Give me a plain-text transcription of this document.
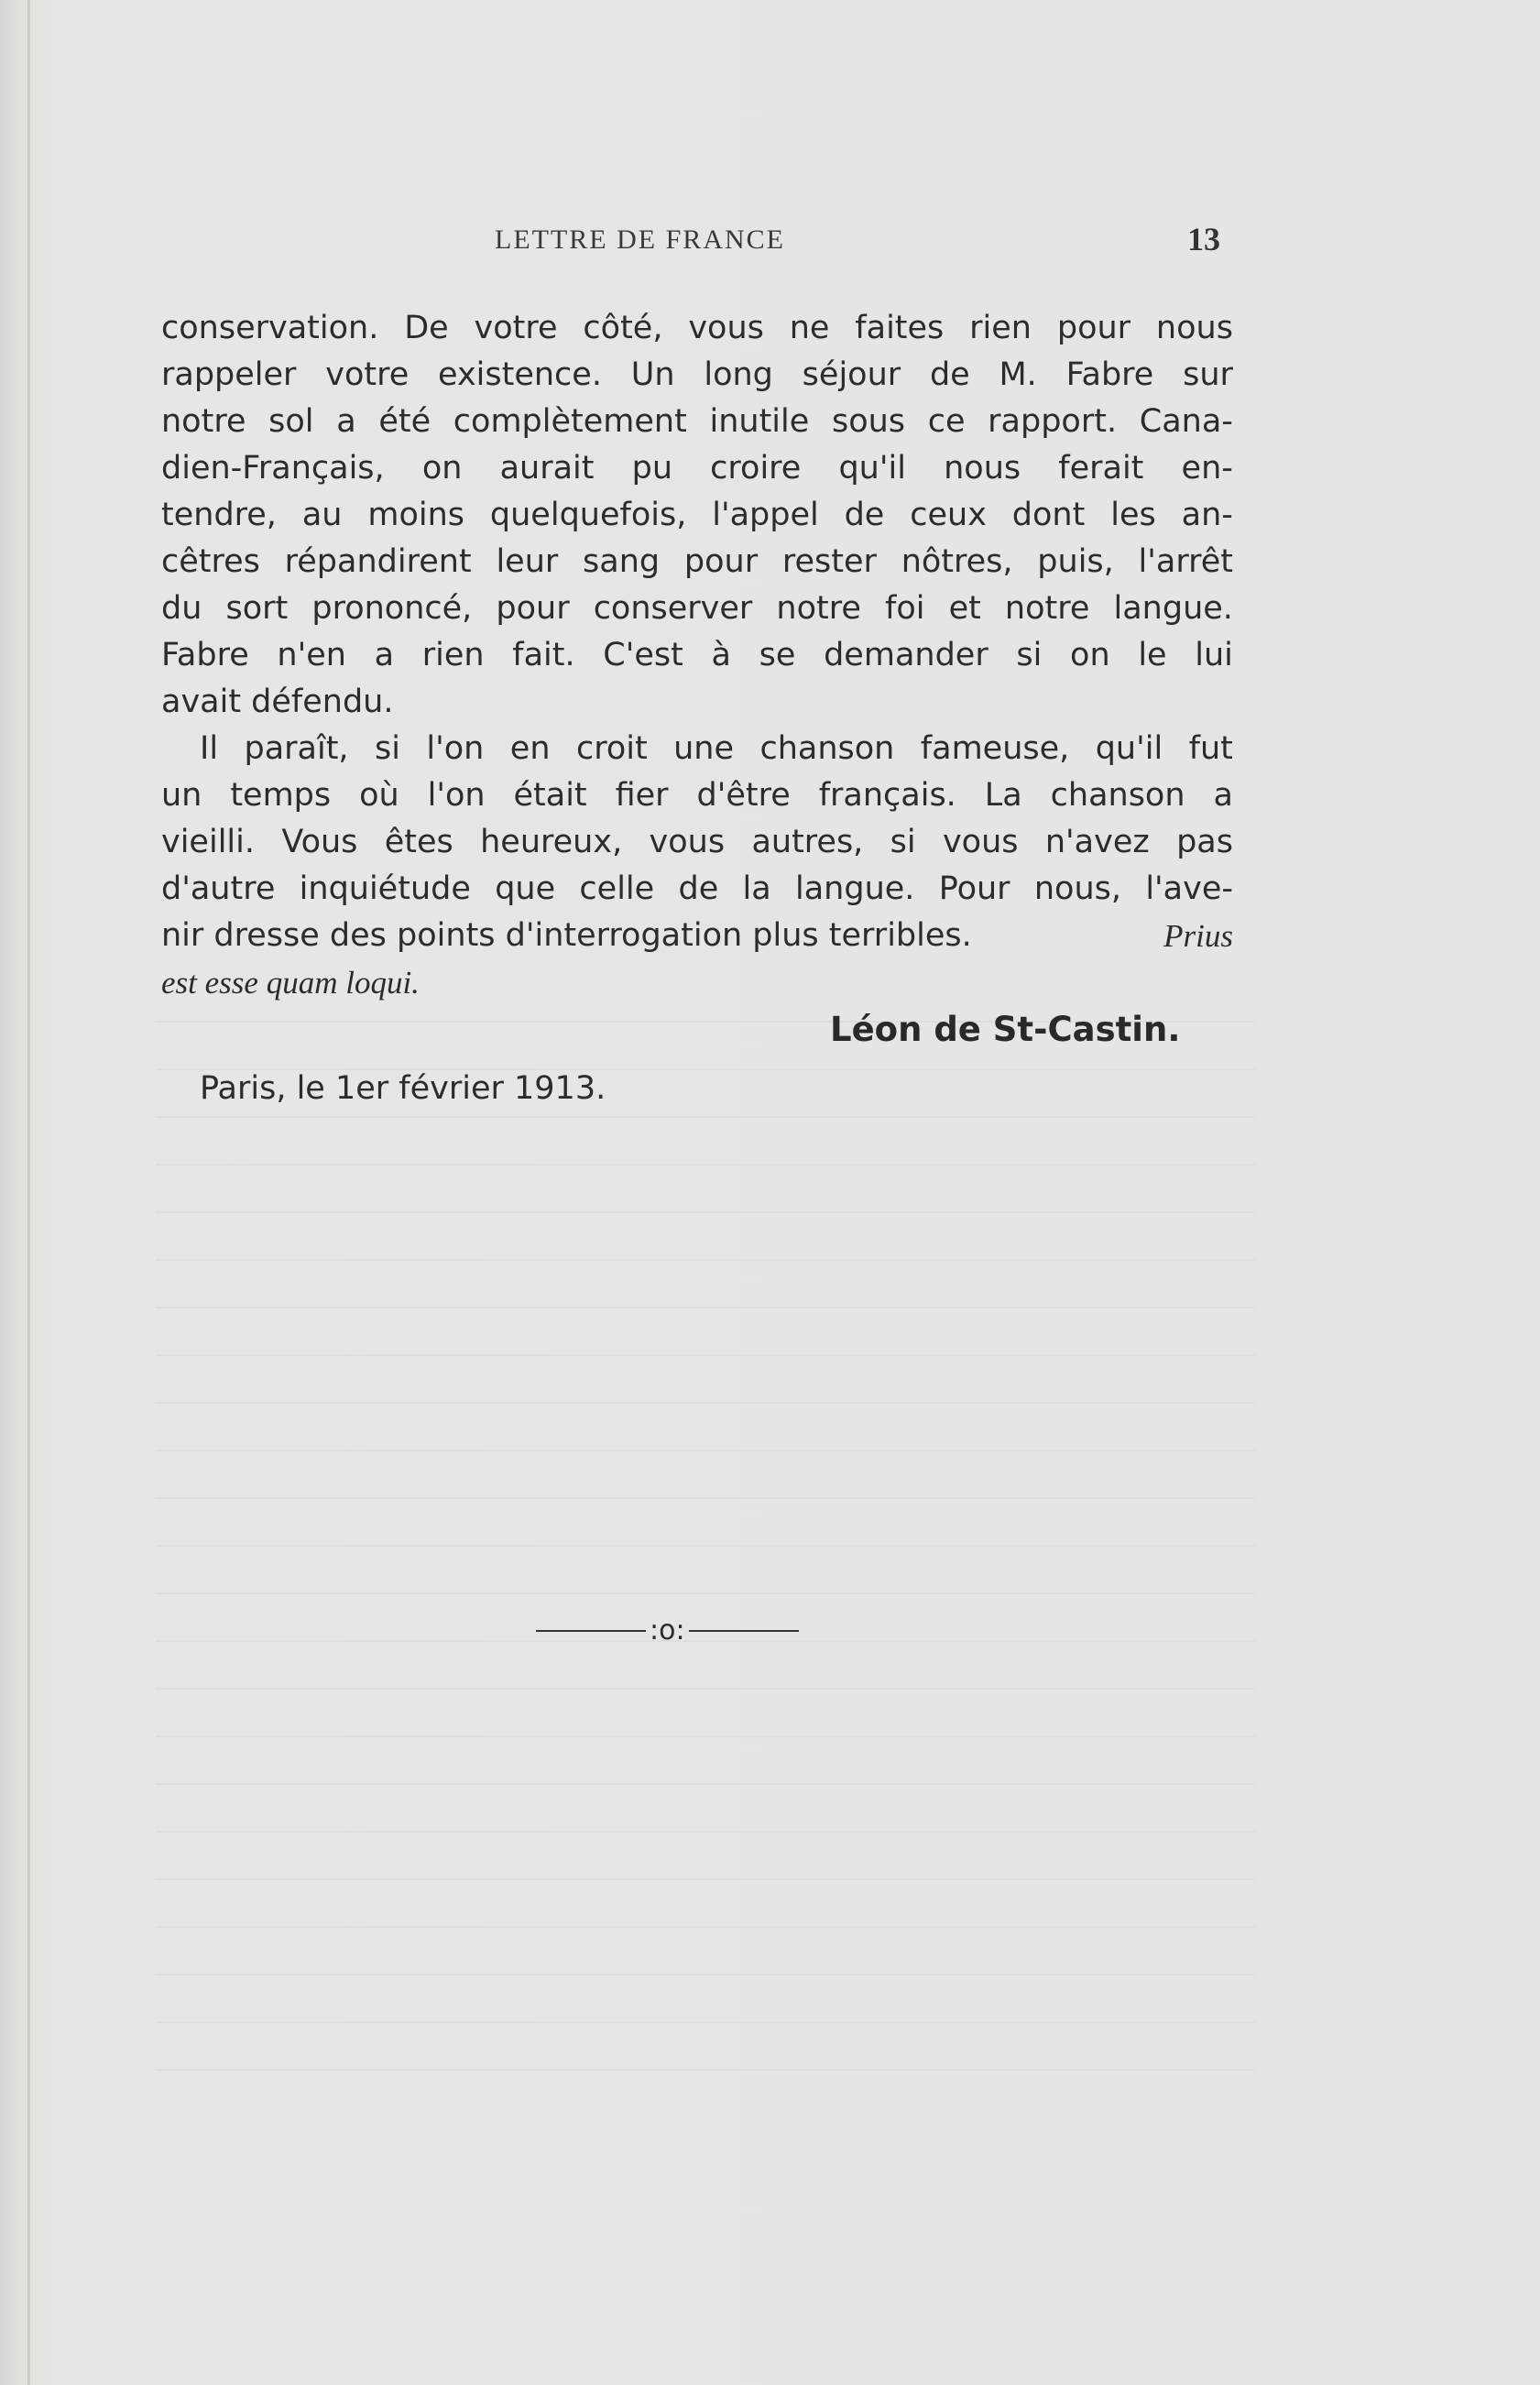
LETTRE DE FRANCE	13
conservation. De votre côté, vous ne faites rien pour nous
rappeler votre existence. Un long séjour de M. Fabre sur
notre sol a été complètement inutile sous ce rapport. Cana-
dien-Français, on aurait pu croire qu'il nous ferait en-
tendre, au moins quelquefois, l'appel de ceux dont les an-
cêtres répandirent leur sang pour rester nôtres, puis, l'arrêt
du sort prononcé, pour conserver notre foi et notre langue.
Fabre n'en a rien fait. C'est à se demander si on le lui
avait défendu.
Il paraît, si l'on en croit une chanson fameuse, qu'il fut
un temps où l'on était fier d'être français. La chanson a
vieilli. Vous êtes heureux, vous autres, si vous n'avez pas
d'autre inquiétude que celle de la langue. Pour nous, l'ave-
nir dresse des points d'interrogation plus terribles.	Prius
est esse quam loqui.
Léon de St-Castin.
Paris, le 1er février 1913.
:o:
